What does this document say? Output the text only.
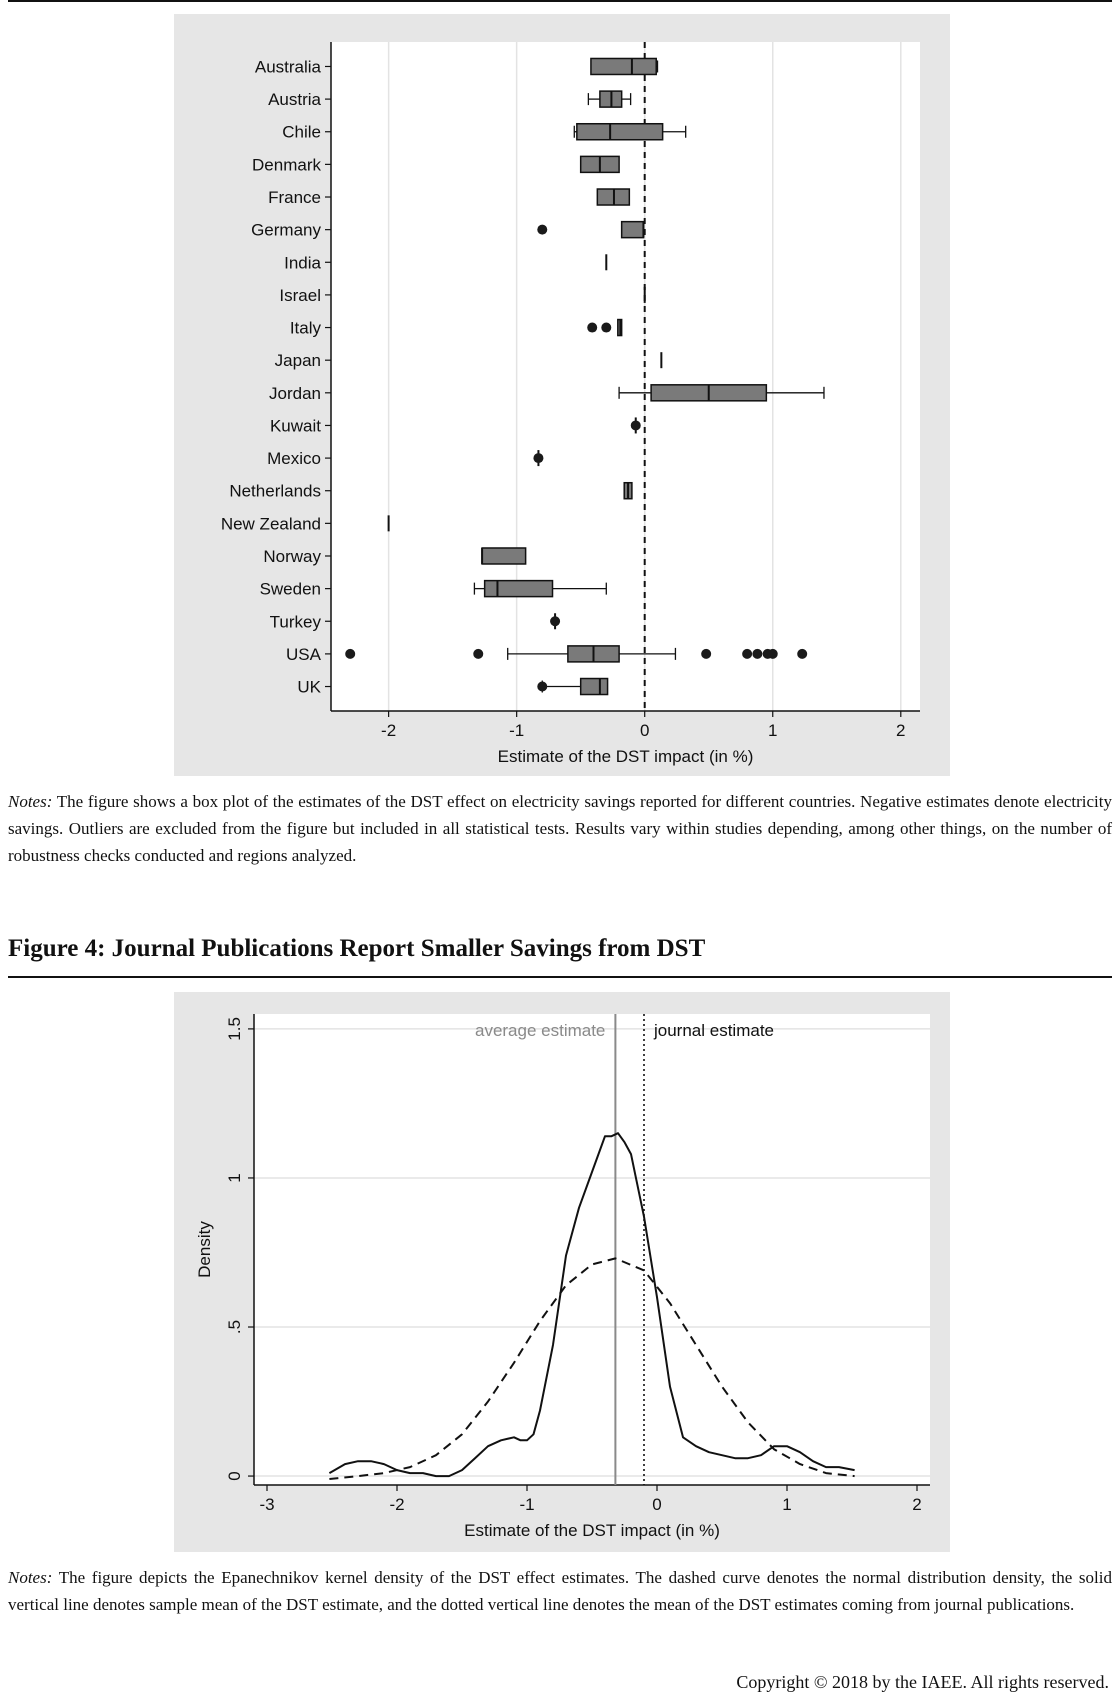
-2	-1	0	1	2
Estimate of the DST impact (in %)
Australia
Austria
Chile
Denmark
France
Germany
India
Israel
Italy
Japan
Jordan
Kuwait
Mexico
Netherlands
New Zealand
Norway
Sweden
Turkey
USA
UK
Notes: The figure shows a box plot of the estimates of the DST effect on electricity savings reported for different countries. Negative estimates denote electricity savings. Outliers are excluded from the figure but included in all statistical tests. Results vary within studies depending, among other things, on the number of robustness checks conducted and regions analyzed.
Figure 4: Journal Publications Report Smaller Savings from DST
0
.5
1
1.5
-3	-2	-1	0	1	2
Estimate of the DST impact (in %)
Density
average estimate	journal estimate
Notes: The figure depicts the Epanechnikov kernel density of the DST effect estimates. The dashed curve denotes the normal distribution density, the solid vertical line denotes sample mean of the DST estimate, and the dotted vertical line denotes the mean of the DST estimates coming from journal publications.
Copyright © 2018 by the IAEE. All rights reserved.
